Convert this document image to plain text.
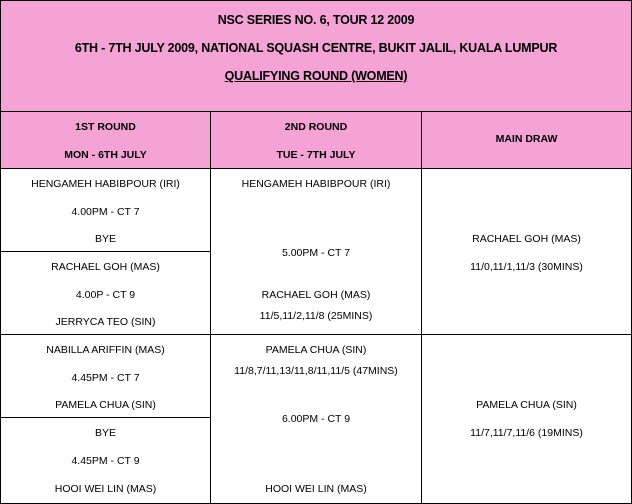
NSC SERIES NO. 6, TOUR 12 2009
6TH - 7TH JULY 2009, NATIONAL SQUASH CENTRE, BUKIT JALIL, KUALA LUMPUR
QUALIFYING ROUND (WOMEN)
1ST ROUND
MON - 6TH JULY
2ND ROUND
TUE - 7TH JULY
MAIN DRAW
HENGAMEH HABIBPOUR (IRI)
4.00PM - CT 7
BYE
RACHAEL GOH (MAS)
4.00P - CT 9
JERRYCA TEO (SIN)
NABILLA ARIFFIN (MAS)
4.45PM - CT 7
PAMELA CHUA (SIN)
BYE
4.45PM - CT 9
HOOI WEI LIN (MAS)
HENGAMEH HABIBPOUR (IRI)
5.00PM - CT 7
RACHAEL GOH (MAS)
11/5,11/2,11/8 (25MINS)
PAMELA CHUA (SIN)
11/8,7/11,13/11,8/11,11/5 (47MINS)
6.00PM - CT 9
HOOI WEI LIN (MAS)
RACHAEL GOH (MAS)
11/0,11/1,11/3 (30MINS)
PAMELA CHUA (SIN)
11/7,11/7,11/6 (19MINS)
